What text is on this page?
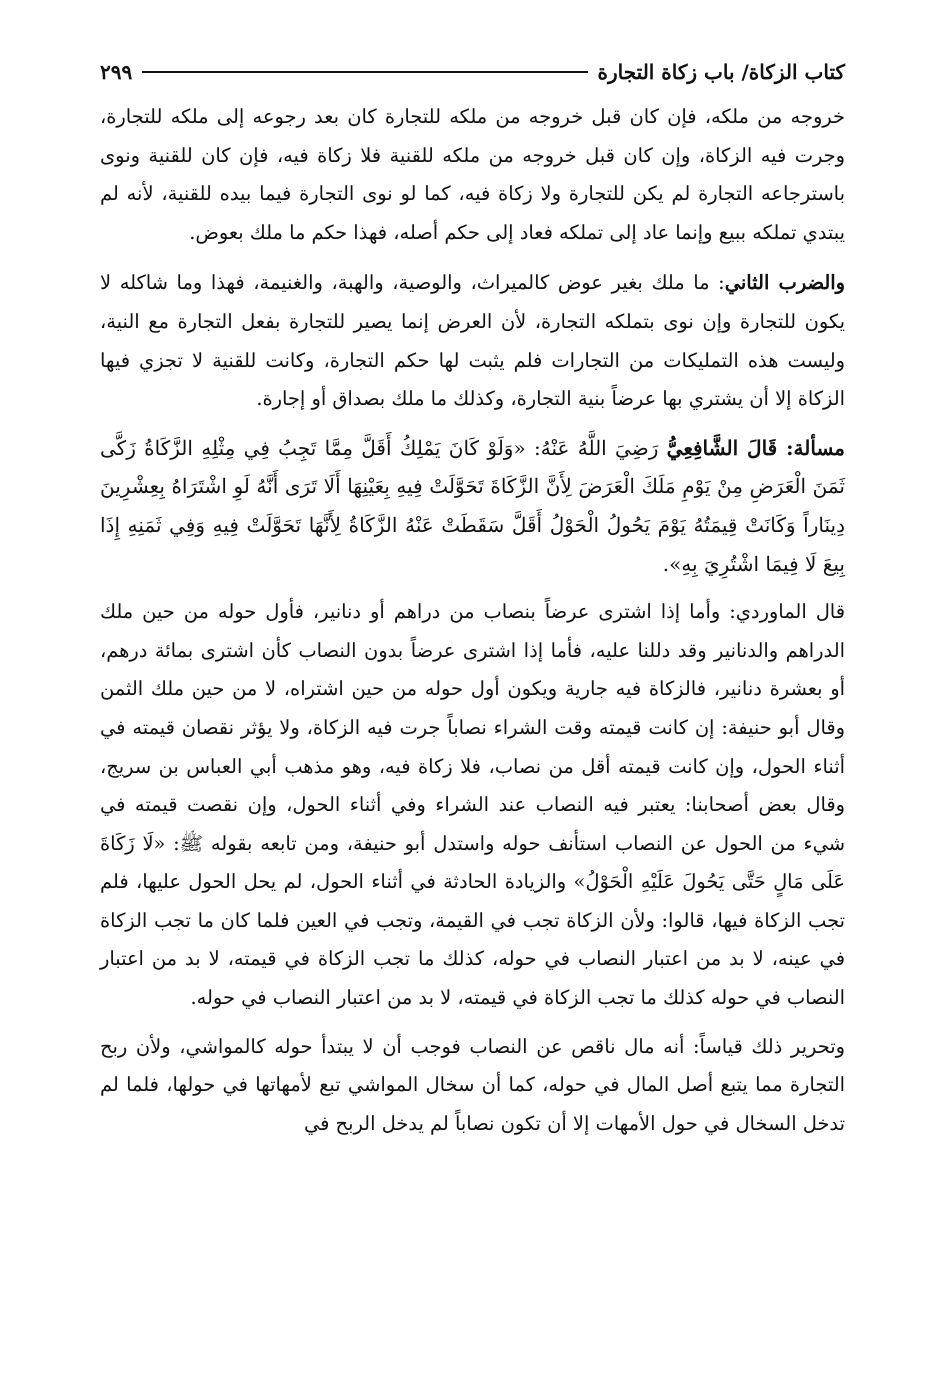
كتاب الزكاة/ باب زكاة التجارة
٢٩٩

خروجه من ملكه، فإن كان قبل خروجه من ملكه للتجارة كان بعد رجوعه إلى ملكه للتجارة، وجرت فيه الزكاة، وإن كان قبل خروجه من ملكه للقنية فلا زكاة فيه، فإن كان للقنية ونوى باسترجاعه التجارة لم يكن للتجارة ولا زكاة فيه، كما لو نوى التجارة فيما بيده للقنية، لأنه لم يبتدي تملكه ببيع وإنما عاد إلى تملكه فعاد إلى حكم أصله، فهذا حكم ما ملك بعوض.

والضرب الثاني: ما ملك بغير عوض كالميراث، والوصية، والهبة، والغنيمة، فهذا وما شاكله لا يكون للتجارة وإن نوى بتملكه التجارة، لأن العرض إنما يصير للتجارة بفعل التجارة مع النية، وليست هذه التمليكات من التجارات فلم يثبت لها حكم التجارة، وكانت للقنية لا تجزي فيها الزكاة إلا أن يشتري بها عرضاً بنية التجارة، وكذلك ما ملك بصداق أو إجارة.

مسألة: قَالَ الشَّافِعِيُّ رَضِيَ اللَّهُ عَنْهُ: «وَلَوْ كَانَ يَمْلِكُ أَقَلَّ مِمَّا تَجِبُ فِي مِثْلِهِ الزَّكَاةُ زَكَّى ثَمَنَ الْعَرَضِ مِنْ يَوْمِ مَلَكَ الْعَرَضَ لِأَنَّ الزَّكَاةَ تَحَوَّلَتْ فِيهِ بِعَيْنِهَا أَلَا تَرَى أَنَّهُ لَوِ اشْتَرَاهُ بِعِشْرِينَ دِينَاراً وَكَانَتْ قِيمَتُهُ يَوْمَ يَحُولُ الْحَوْلُ أَقَلَّ سَقَطَتْ عَنْهُ الزَّكَاةُ لِأَنَّهَا تَحَوَّلَتْ فِيهِ وَفِي ثَمَنِهِ إِذَا بِيعَ لَا فِيمَا اشْتُرِيَ بِهِ».

قال الماوردي: وأما إذا اشترى عرضاً بنصاب من دراهم أو دنانير، فأول حوله من حين ملك الدراهم والدنانير وقد دللنا عليه، فأما إذا اشترى عرضاً بدون النصاب كأن اشترى بمائة درهم، أو بعشرة دنانير، فالزكاة فيه جارية ويكون أول حوله من حين اشتراه، لا من حين ملك الثمن وقال أبو حنيفة: إن كانت قيمته وقت الشراء نصاباً جرت فيه الزكاة، ولا يؤثر نقصان قيمته في أثناء الحول، وإن كانت قيمته أقل من نصاب، فلا زكاة فيه، وهو مذهب أبي العباس بن سريج، وقال بعض أصحابنا: يعتبر فيه النصاب عند الشراء وفي أثناء الحول، وإن نقصت قيمته في شيء من الحول عن النصاب استأنف حوله واستدل أبو حنيفة، ومن تابعه بقوله ﷺ: «لَا زَكَاةَ عَلَى مَالٍ حَتَّى يَحُولَ عَلَيْهِ الْحَوْلُ» والزيادة الحادثة في أثناء الحول، لم يحل الحول عليها، فلم تجب الزكاة فيها، قالوا: ولأن الزكاة تجب في القيمة، وتجب في العين فلما كان ما تجب الزكاة في عينه، لا بد من اعتبار النصاب في حوله، كذلك ما تجب الزكاة في قيمته، لا بد من اعتبار النصاب في حوله كذلك ما تجب الزكاة في قيمته، لا بد من اعتبار النصاب في حوله.

وتحرير ذلك قياساً: أنه مال ناقص عن النصاب فوجب أن لا يبتدأ حوله كالمواشي، ولأن ربح التجارة مما يتبع أصل المال في حوله، كما أن سخال المواشي تبع لأمهاتها في حولها، فلما لم تدخل السخال في حول الأمهات إلا أن تكون نصاباً لم يدخل الربح في
